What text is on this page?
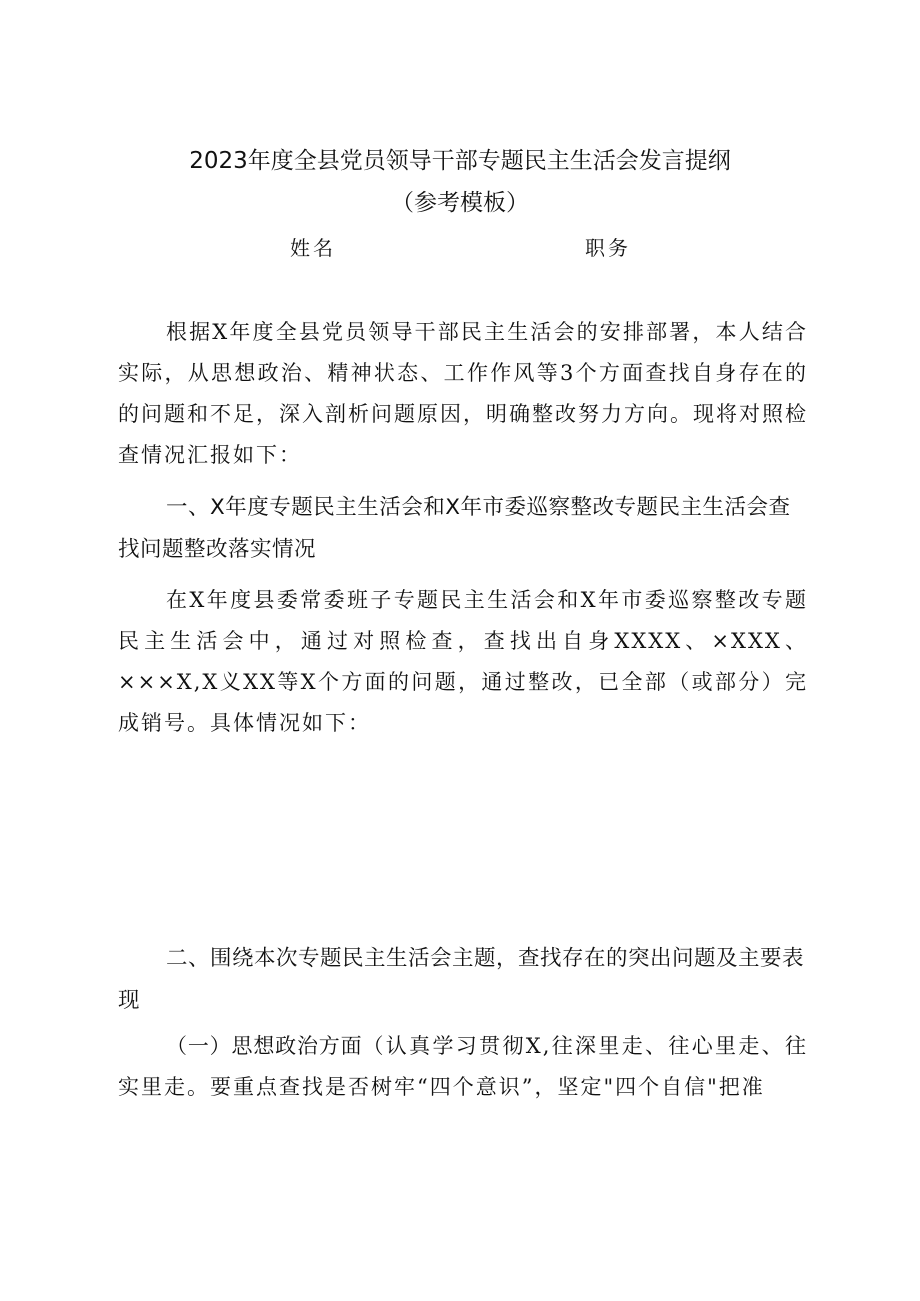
2023年度全县党员领导干部专题民主生活会发言提纲
（参考模板）
姓名	职务

根据X年度全县党员领导干部民主生活会的安排部署，本人结合实际，从思想政治、精神状态、工作作风等3个方面查找自身存在的的问题和不足，深入剖析问题原因，明确整改努力方向。现将对照检查情况汇报如下：

一、X年度专题民主生活会和X年市委巡察整改专题民主生活会查找问题整改落实情况

在X年度县委常委班子专题民主生活会和X年市委巡察整改专题民主生活会中，通过对照检查，查找出自身XXXX、×XXX、×××X,X义XX等X个方面的问题，通过整改，已全部（或部分）完成销号。具体情况如下：

二、围绕本次专题民主生活会主题，查找存在的突出问题及主要表现

（一）思想政治方面（认真学习贯彻X,往深里走、往心里走、往实里走。要重点查找是否树牢“四个意识”，坚定"四个自信"把准
